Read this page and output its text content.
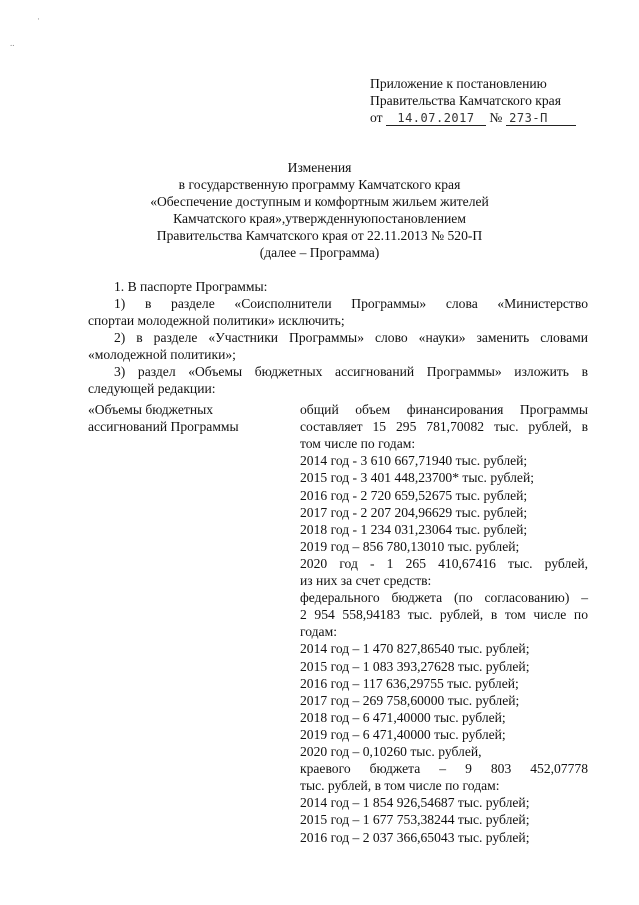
·
..
Приложение к постановлению
Правительства Камчатского края
от 14.07.2017 № 273-П
Изменения
в государственную программу Камчатского края
«Обеспечение доступным и комфортным жильем жителей
Камчатского края»,утвержденнуюпостановлением
Правительства Камчатского края от 22.11.2013 № 520-П
(далее – Программа)
1. В паспорте Программы:
1) в разделе «Соисполнители Программы» слова «Министерство
спортаи молодежной политики» исключить;
2) в разделе «Участники Программы» слово «науки» заменить словами
«молодежной политики»;
3) раздел «Объемы бюджетных ассигнований Программы» изложить в
следующей редакции:
«Объемы бюджетных
ассигнований Программы
общий объем финансирования Программы
составляет 15 295 781,70082 тыс. рублей, в
том числе по годам:
2014 год - 3 610 667,71940 тыс. рублей;
2015 год - 3 401 448,23700* тыс. рублей;
2016 год - 2 720 659,52675 тыс. рублей;
2017 год - 2 207 204,96629 тыс. рублей;
2018 год - 1 234 031,23064 тыс. рублей;
2019 год – 856 780,13010 тыс. рублей;
2020 год - 1 265 410,67416 тыс. рублей,
из них за счет средств:
федерального бюджета (по согласованию) –
2 954 558,94183 тыс. рублей, в том числе по
годам:
2014 год – 1 470 827,86540 тыс. рублей;
2015 год – 1 083 393,27628 тыс. рублей;
2016 год – 117 636,29755 тыс. рублей;
2017 год – 269 758,60000 тыс. рублей;
2018 год – 6 471,40000 тыс. рублей;
2019 год – 6 471,40000 тыс. рублей;
2020 год – 0,10260 тыс. рублей,
краевого бюджета – 9 803 452,07778
тыс. рублей, в том числе по годам:
2014 год – 1 854 926,54687 тыс. рублей;
2015 год – 1 677 753,38244 тыс. рублей;
2016 год – 2 037 366,65043 тыс. рублей;
